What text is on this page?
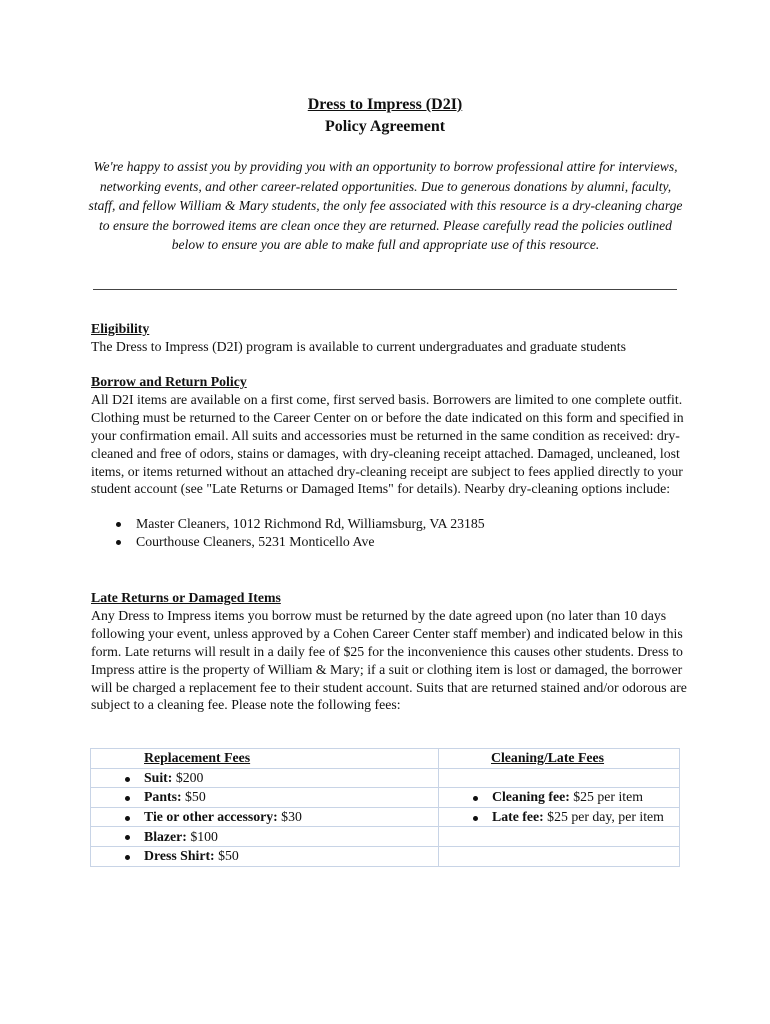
Dress to Impress (D2I)
Policy Agreement
We're happy to assist you by providing you with an opportunity to borrow professional attire for interviews, networking events, and other career-related opportunities. Due to generous donations by alumni, faculty, staff, and fellow William & Mary students, the only fee associated with this resource is a dry-cleaning charge to ensure the borrowed items are clean once they are returned. Please carefully read the policies outlined below to ensure you are able to make full and appropriate use of this resource.
Eligibility

The Dress to Impress (D2I) program is available to current undergraduates and graduate students

Borrow and Return Policy

All D2I items are available on a first come, first served basis. Borrowers are limited to one complete outfit. Clothing must be returned to the Career Center on or before the date indicated on this form and specified in your confirmation email. All suits and accessories must be returned in the same condition as received: dry-cleaned and free of odors, stains or damages, with dry-cleaning receipt attached. Damaged, uncleaned, lost items, or items returned without an attached dry-cleaning receipt are subject to fees applied directly to your student account (see "Late Returns or Damaged Items" for details). Nearby dry-cleaning options include:

Master Cleaners, 1012 Richmond Rd, Williamsburg, VA 23185
Courthouse Cleaners, 5231 Monticello Ave
Late Returns or Damaged Items

Any Dress to Impress items you borrow must be returned by the date agreed upon (no later than 10 days following your event, unless approved by a Cohen Career Center staff member) and indicated below in this form. Late returns will result in a daily fee of $25 for the inconvenience this causes other students. Dress to Impress attire is the property of William & Mary; if a suit or clothing item is lost or damaged, the borrower will be charged a replacement fee to their student account. Suits that are returned stained and/or odorous are subject to a cleaning fee. Please note the following fees:

Replacement Fees	Cleaning/Late Fees
Suit: $200	
Pants: $50	Cleaning fee: $25 per item
Tie or other accessory: $30	Late fee: $25 per day, per item
Blazer: $100	
Dress Shirt: $50	
